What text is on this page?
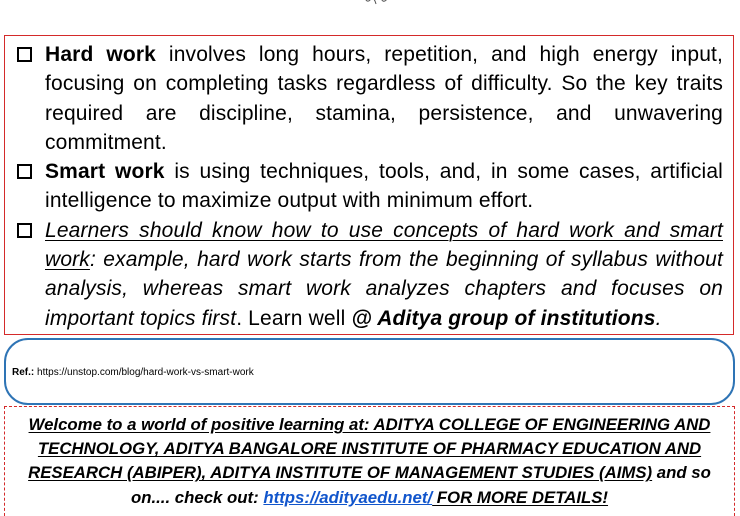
Hard work involves long hours, repetition, and high energy input, focusing on completing tasks regardless of difficulty. So the key traits required are discipline, stamina, persistence, and unwavering commitment.
Smart work is using techniques, tools, and, in some cases, artificial intelligence to maximize output with minimum effort.
Learners should know how to use concepts of hard work and smart work: example, hard work starts from the beginning of syllabus without analysis, whereas smart work analyzes chapters and focuses on important topics first. Learn well @ Aditya group of institutions.
Ref.: https://unstop.com/blog/hard-work-vs-smart-work
Welcome to a world of positive learning at: ADITYA COLLEGE OF ENGINEERING AND
TECHNOLOGY, ADITYA BANGALORE INSTITUTE OF PHARMACY EDUCATION AND
RESEARCH (ABIPER), ADITYA INSTITUTE OF MANAGEMENT STUDIES (AIMS) and so
on.... check out: https://adityaedu.net/ FOR MORE DETAILS!
